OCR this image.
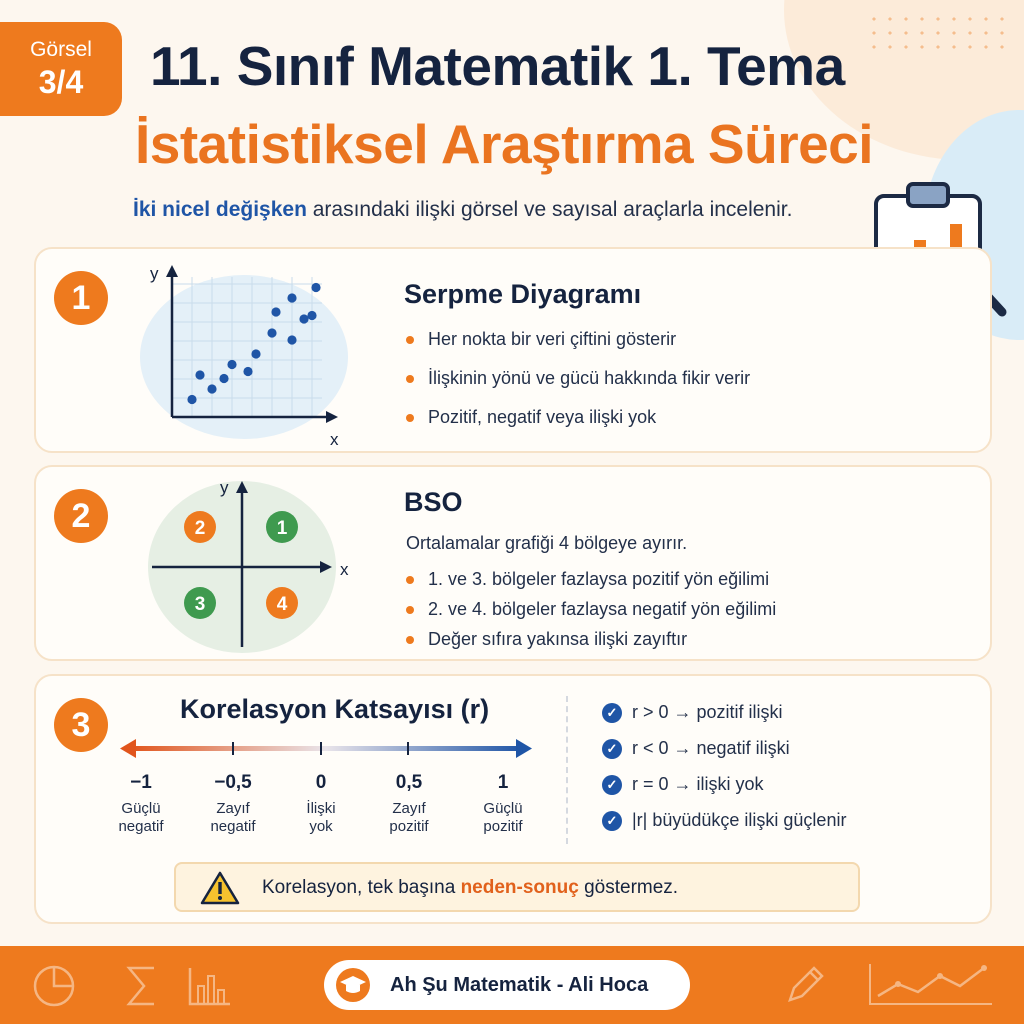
Görsel
3/4	11. Sınıf Matematik 1. Tema
İstatistiksel Araştırma Süreci
İki nicel değişken arasındaki ilişki görsel ve sayısal araçlarla incelenir.
1
y
x
Serpme Diyagramı
Her nokta bir veri çiftini gösterir
İlişkinin yönü ve gücü hakkında fikir verir
Pozitif, negatif veya ilişki yok
2
y
x
2	1
3	4
BSO
Ortalamalar grafiği 4 bölgeye ayırır.
1. ve 3. bölgeler fazlaysa pozitif yön eğilimi
2. ve 4. bölgeler fazlaysa negatif yön eğilimi
Değer sıfıra yakınsa ilişki zayıftır
3	Korelasyon Katsayısı (r)
−1
Güçlü
negatif
−0,5
Zayıf
negatif
0
İlişki
yok
0,5
Zayıf
pozitif
1
Güçlü
pozitif
✓ r > 0 → pozitif ilişki
✓ r < 0 → negatif ilişki
✓ r = 0 → ilişki yok
✓ |r| büyüdükçe ilişki güçlenir
Korelasyon, tek başına neden-sonuç göstermez.
Ah Şu Matematik - Ali Hoca
